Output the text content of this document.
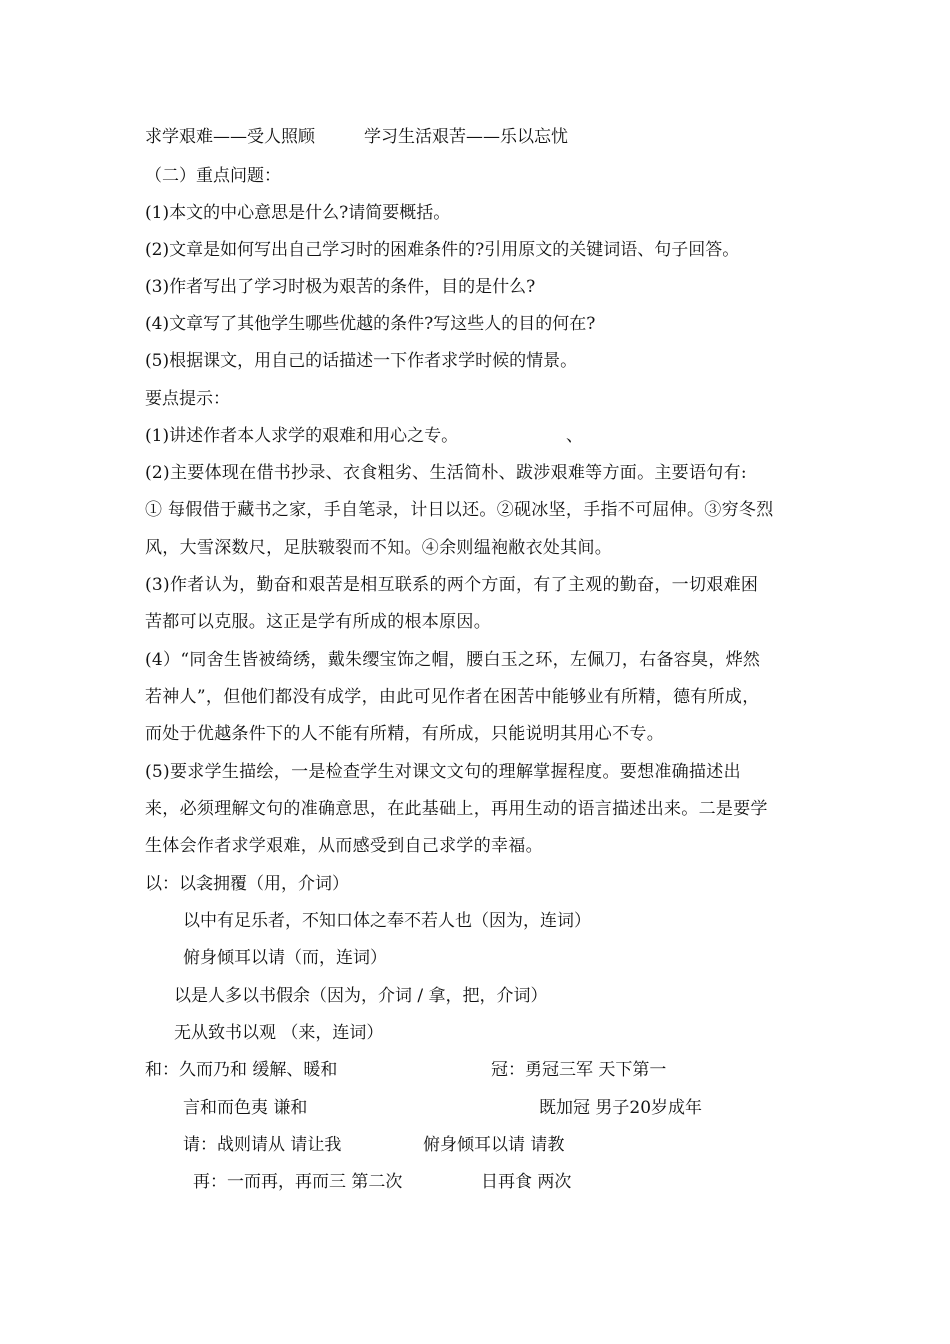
求学艰难——受人照顾	学习生活艰苦——乐以忘忧
（二）重点问题：
(1)本文的中心意思是什么?请简要概括。
(2)文章是如何写出自己学习时的困难条件的?引用原文的关键词语、句子回答。
(3)作者写出了学习时极为艰苦的条件，目的是什么?
(4)文章写了其他学生哪些优越的条件?写这些人的目的何在?
(5)根据课文，用自己的话描述一下作者求学时候的情景。
要点提示：
(1)讲述作者本人求学的艰难和用心之专。	、
(2)主要体现在借书抄录、衣食粗劣、生活简朴、跋涉艰难等方面。主要语句有:
① 每假借于藏书之家，手自笔录，计日以还。②砚冰坚，手指不可屈伸。③穷冬烈
风，大雪深数尺，足肤皲裂而不知。④余则缊袍敝衣处其间。
(3)作者认为，勤奋和艰苦是相互联系的两个方面，有了主观的勤奋，一切艰难困
苦都可以克服。这正是学有所成的根本原因。
(4）“同舍生皆被绮绣，戴朱缨宝饰之帽，腰白玉之环，左佩刀，右备容臭，烨然
若神人”，但他们都没有成学，由此可见作者在困苦中能够业有所精，德有所成，
而处于优越条件下的人不能有所精，有所成，只能说明其用心不专。
(5)要求学生描绘，一是检查学生对课文文句的理解掌握程度。要想准确描述出
来，必须理解文句的准确意思，在此基础上，再用生动的语言描述出来。二是要学
生体会作者求学艰难，从而感受到自己求学的幸福。
以：以衾拥覆（用，介词）
以中有足乐者，不知口体之奉不若人也（因为，连词）
俯身倾耳以请（而，连词）
以是人多以书假余（因为，介词 / 拿，把，介词）
无从致书以观 （来，连词）
和：久而乃和 缓解、暖和	冠：勇冠三军 天下第一
言和而色夷 谦和	既加冠 男子20岁成年
请：战则请从 请让我	俯身倾耳以请 请教
再：一而再，再而三 第二次	日再食 两次
